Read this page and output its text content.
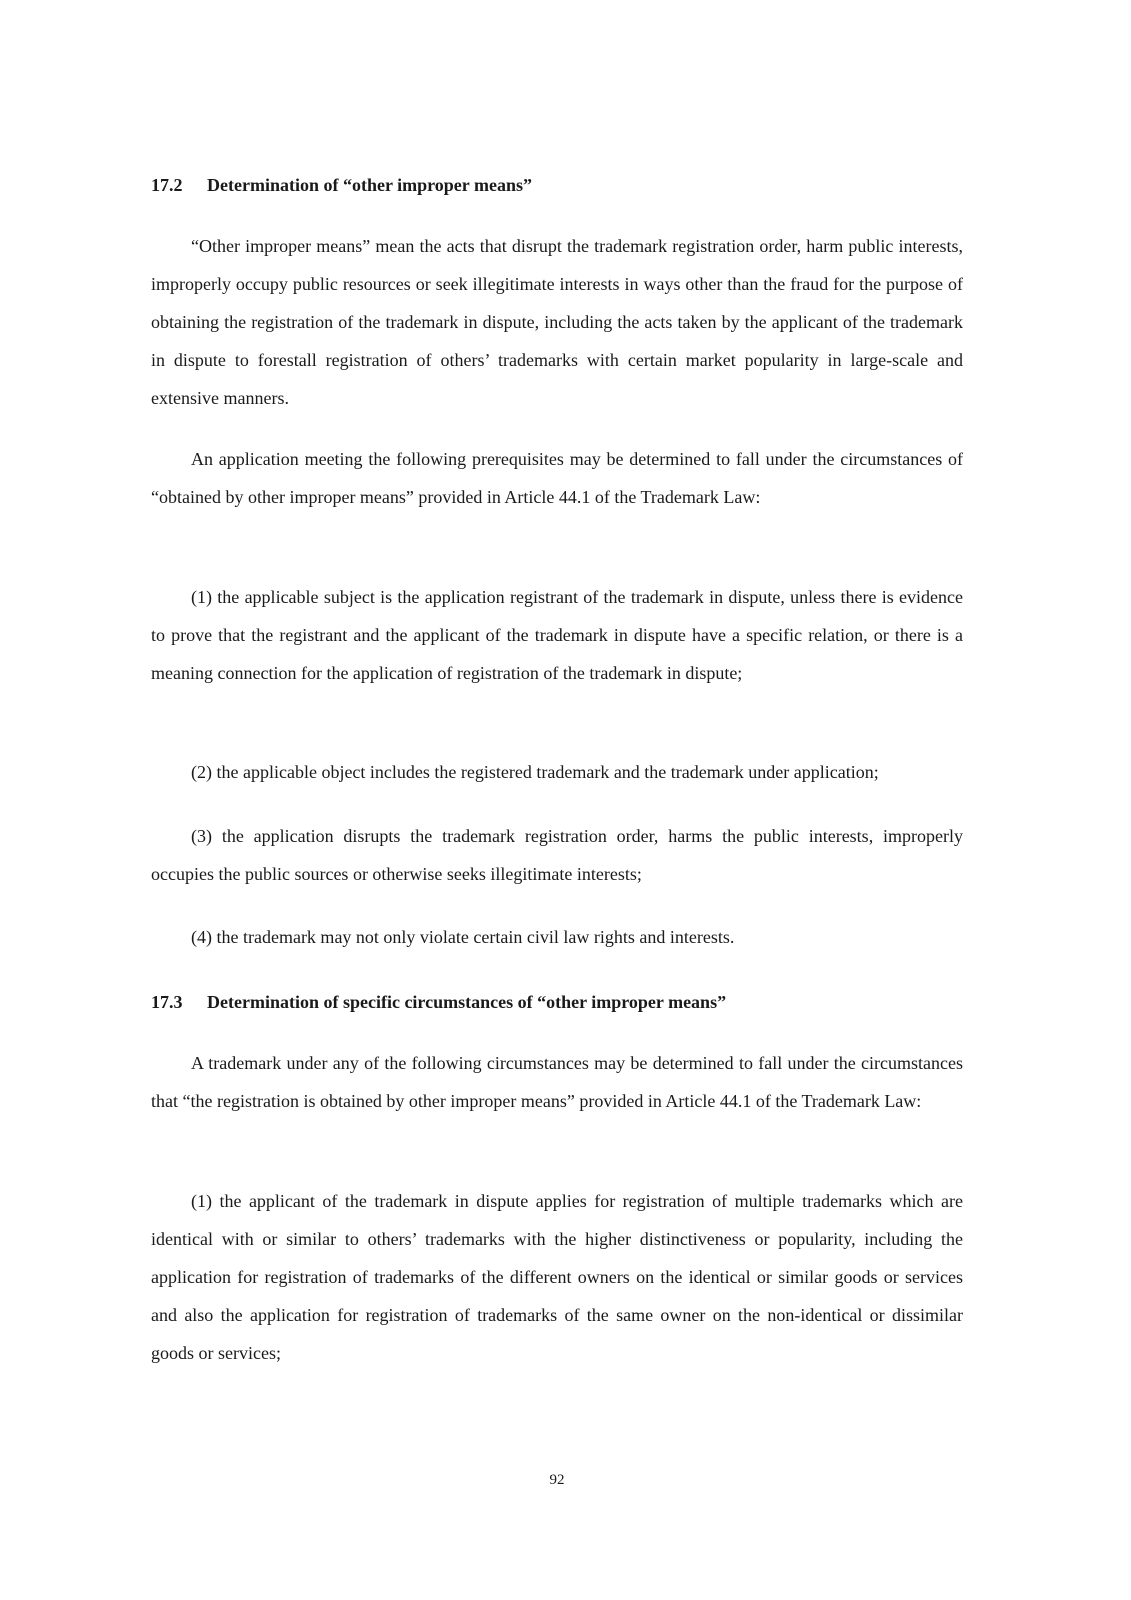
17.2 Determination of “other improper means”

“Other improper means” mean the acts that disrupt the trademark registration order, harm public interests, improperly occupy public resources or seek illegitimate interests in ways other than the fraud for the purpose of obtaining the registration of the trademark in dispute, including the acts taken by the applicant of the trademark in dispute to forestall registration of others’ trademarks with certain market popularity in large-scale and extensive manners.

An application meeting the following prerequisites may be determined to fall under the circumstances of “obtained by other improper means” provided in Article 44.1 of the Trademark Law:

(1) the applicable subject is the application registrant of the trademark in dispute, unless there is evidence to prove that the registrant and the applicant of the trademark in dispute have a specific relation, or there is a meaning connection for the application of registration of the trademark in dispute;

(2) the applicable object includes the registered trademark and the trademark under application;

(3) the application disrupts the trademark registration order, harms the public interests, improperly occupies the public sources or otherwise seeks illegitimate interests;

(4) the trademark may not only violate certain civil law rights and interests.

17.3 Determination of specific circumstances of “other improper means”

A trademark under any of the following circumstances may be determined to fall under the circumstances that “the registration is obtained by other improper means” provided in Article 44.1 of the Trademark Law:

(1) the applicant of the trademark in dispute applies for registration of multiple trademarks which are identical with or similar to others’ trademarks with the higher distinctiveness or popularity, including the application for registration of trademarks of the different owners on the identical or similar goods or services and also the application for registration of trademarks of the same owner on the non-identical or dissimilar goods or services;

92
